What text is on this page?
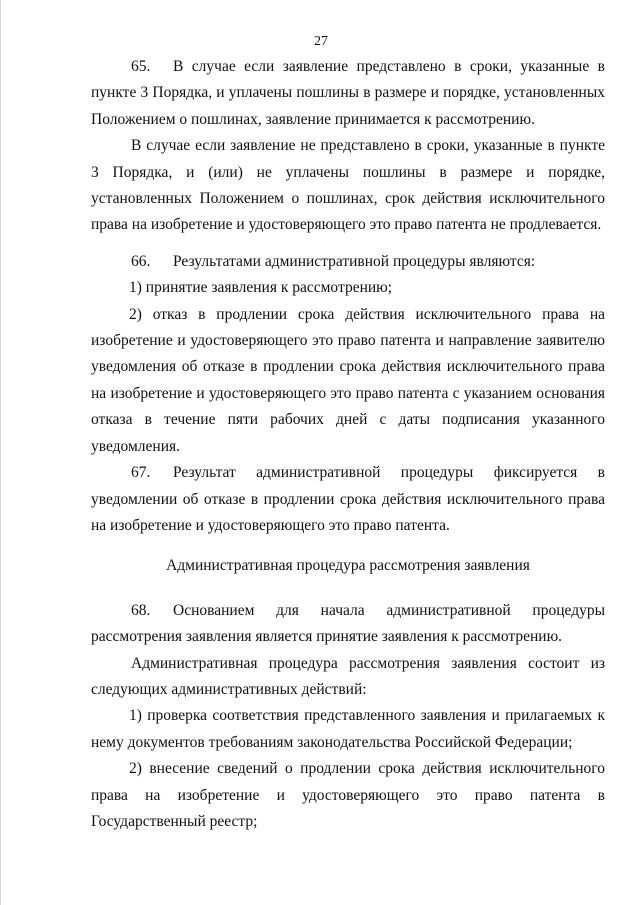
27

65. В случае если заявление представлено в сроки, указанные в пункте 3 Порядка, и уплачены пошлины в размере и порядке, установленных Положением о пошлинах, заявление принимается к рассмотрению.

В случае если заявление не представлено в сроки, указанные в пункте 3 Порядка, и (или) не уплачены пошлины в размере и порядке, установленных Положением о пошлинах, срок действия исключительного права на изобретение и удостоверяющего это право патента не продлевается.

66. Результатами административной процедуры являются:

1) принятие заявления к рассмотрению;

2) отказ в продлении срока действия исключительного права на изобретение и удостоверяющего это право патента и направление заявителю уведомления об отказе в продлении срока действия исключительного права на изобретение и удостоверяющего это право патента с указанием основания отказа в течение пяти рабочих дней с даты подписания указанного уведомления.

67. Результат административной процедуры фиксируется в уведомлении об отказе в продлении срока действия исключительного права на изобретение и удостоверяющего это право патента.

Административная процедура рассмотрения заявления

68. Основанием для начала административной процедуры рассмотрения заявления является принятие заявления к рассмотрению.

Административная процедура рассмотрения заявления состоит из следующих административных действий:

1) проверка соответствия представленного заявления и прилагаемых к нему документов требованиям законодательства Российской Федерации;

2) внесение сведений о продлении срока действия исключительного права на изобретение и удостоверяющего это право патента в Государственный реестр;
